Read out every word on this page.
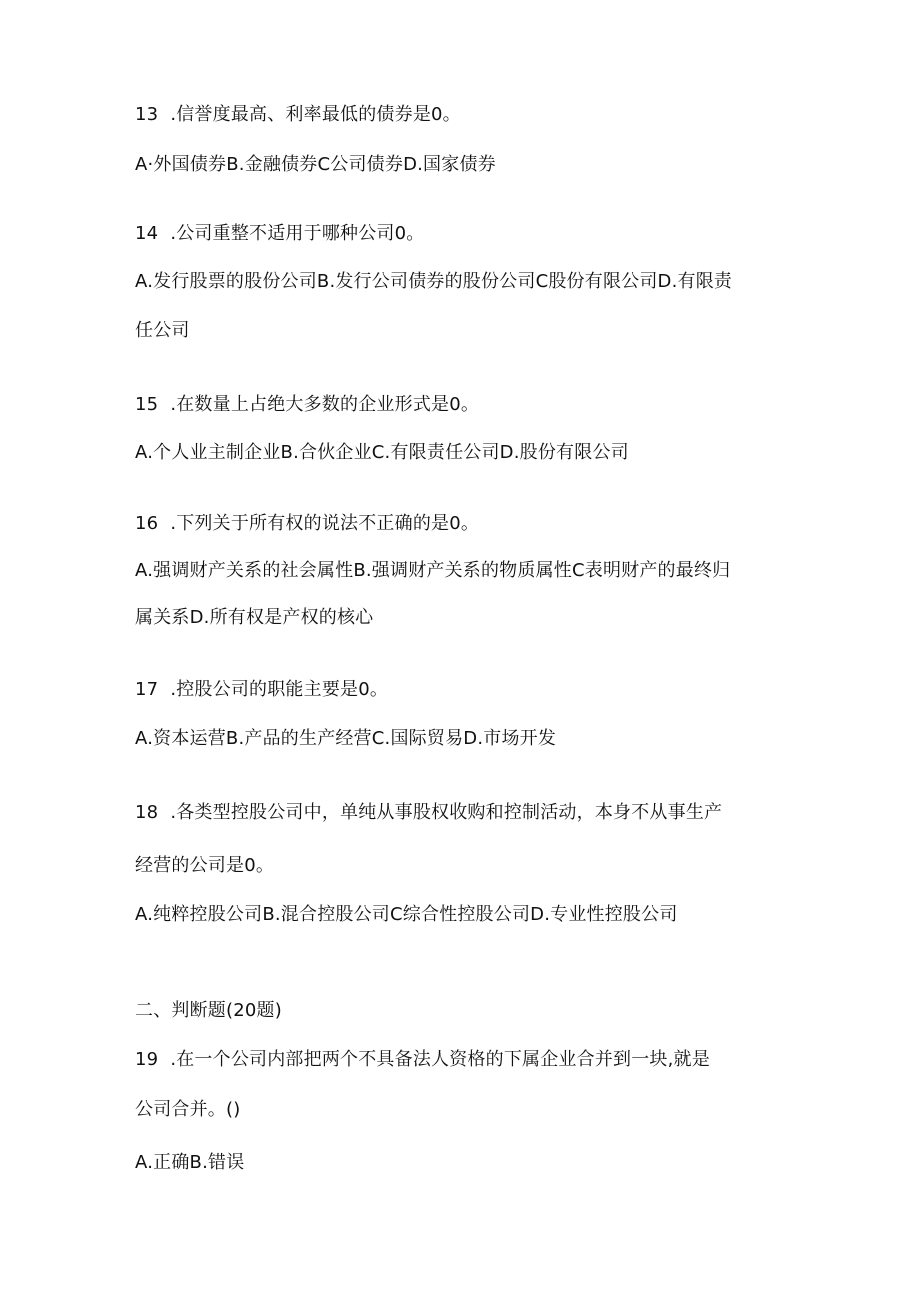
13 .信誉度最高、利率最低的债券是0。
A·外国债券B.金融债券C公司债券D.国家债券
14 .公司重整不适用于哪种公司0。
A.发行股票的股份公司B.发行公司债券的股份公司C股份有限公司D.有限责
任公司
15 .在数量上占绝大多数的企业形式是0。
A.个人业主制企业B.合伙企业C.有限责任公司D.股份有限公司
16 .下列关于所有权的说法不正确的是0。
A.强调财产关系的社会属性B.强调财产关系的物质属性C表明财产的最终归
属关系D.所有权是产权的核心
17 .控股公司的职能主要是0。
A.资本运营B.产品的生产经营C.国际贸易D.市场开发
18 .各类型控股公司中，单纯从事股权收购和控制活动，本身不从事生产
经营的公司是0。
A.纯粹控股公司B.混合控股公司C综合性控股公司D.专业性控股公司
二、判断题(20题)
19 .在一个公司内部把两个不具备法人资格的下属企业合并到一块,就是
公司合并。()
A.正确B.错误
